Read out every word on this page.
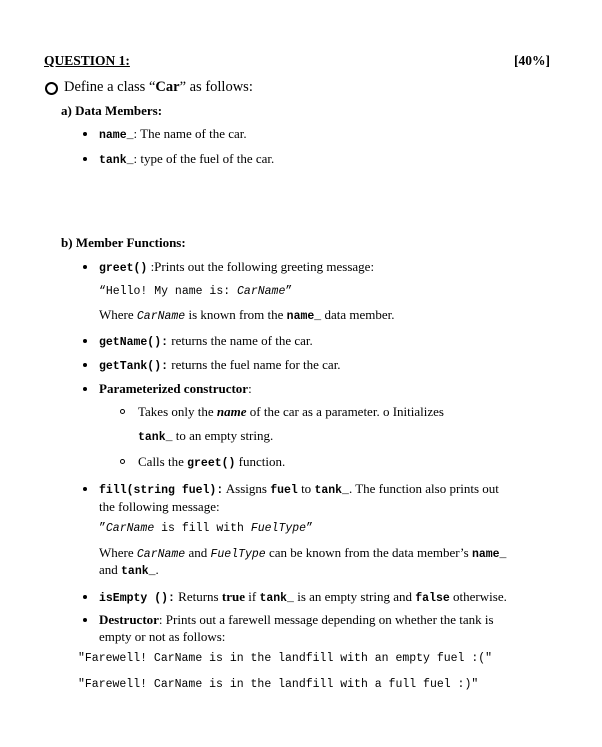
QUESTION 1:	[40%]
Define a class “Car” as follows:
a) Data Members:
name_: The name of the car.
tank_: type of the fuel of the car.
b) Member Functions:
greet() :Prints out the following greeting message:
“Hello! My name is: CarName”
Where CarName is known from the name_ data member.
getName(): returns the name of the car.
getTank(): returns the fuel name for the car.
Parameterized constructor:
Takes only the name of the car as a parameter. o Initializes
tank_ to an empty string.
Calls the greet() function.
fill(string fuel): Assigns fuel to tank_. The function also prints out
the following message:
”CarName is fill with FuelType”
Where CarName and FuelType can be known from the data member’s name_
and tank_.
isEmpty (): Returns true if tank_ is an empty string and false otherwise.
Destructor: Prints out a farewell message depending on whether the tank is
empty or not as follows:
"Farewell! CarName is in the landfill with an empty fuel :("
"Farewell! CarName is in the landfill with a full fuel :)"
